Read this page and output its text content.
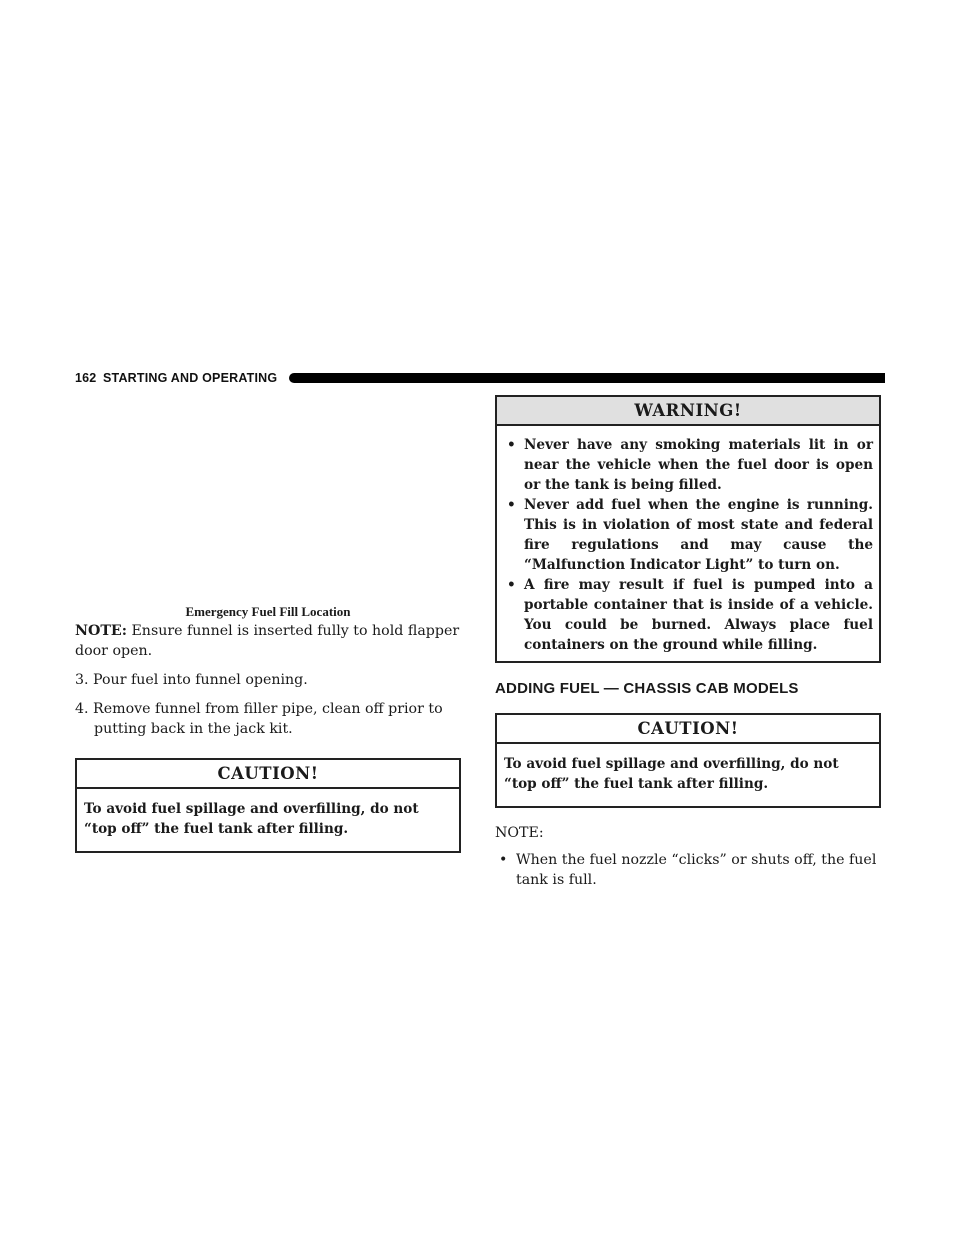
162 STARTING AND OPERATING
Emergency Fuel Fill Location

NOTE: Ensure funnel is inserted fully to hold flapper door open.

3. Pour fuel into funnel opening.

4. Remove funnel from filler pipe, clean off prior to putting back in the jack kit.

CAUTION!
To avoid fuel spillage and overfilling, do not “top off” the fuel tank after filling.
WARNING!
• Never have any smoking materials lit in or near the vehicle when the fuel door is open or the tank is being filled.
• Never add fuel when the engine is running. This is in violation of most state and federal fire regulations and may cause the “Malfunction Indicator Light” to turn on.
• A fire may result if fuel is pumped into a portable container that is inside of a vehicle. You could be burned. Always place fuel containers on the ground while filling.
ADDING FUEL — CHASSIS CAB MODELS
CAUTION!
To avoid fuel spillage and overfilling, do not “top off” the fuel tank after filling.
NOTE:
• When the fuel nozzle “clicks” or shuts off, the fuel tank is full.
